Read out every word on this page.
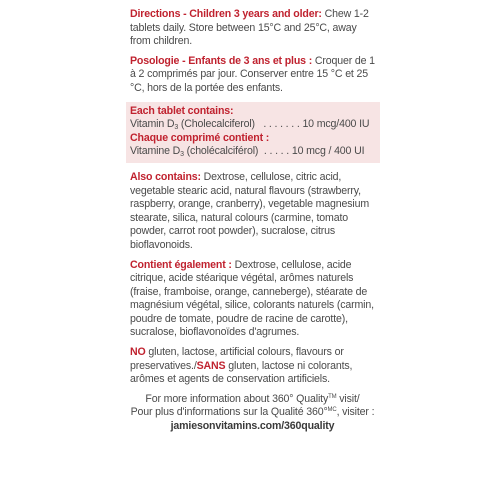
Directions - Children 3 years and older: Chew 1-2 tablets daily. Store between 15°C and 25°C, away from children.

Posologie - Enfants de 3 ans et plus : Croquer de 1 à 2 comprimés par jour. Conserver entre 15 °C et 25 °C, hors de la portée des enfants.

Each tablet contains:

Vitamin $D_3$ (Cholecalciferol) . . . . . . . 10 mcg/400 IU

Chaque comprimé contient :

Vitamine $D_3$ (cholécalciférol) . . . . . 10 mcg / 400 UI

Also contains: Dextrose, cellulose, citric acid, vegetable stearic acid, natural flavours (strawberry, raspberry, orange, cranberry), vegetable magnesium stearate, silica, natural colours (carmine, tomato powder, carrot root powder), sucralose, citrus bioflavonoids.

Contient également : Dextrose, cellulose, acide citrique, acide stéarique végétal, arômes naturels (fraise, framboise, orange, canneberge), stéarate de magnésium végétal, silice, colorants naturels (carmin, poudre de tomate, poudre de racine de carotte), sucralose, bioflavonoïdes d'agrumes.

NO gluten, lactose, artificial colours, flavours or preservatives./SANS gluten, lactose ni colorants, arômes et agents de conservation artificiels.

For more information about 360° Quality™ visit/

Pour plus d'informations sur la Qualité 360°$^{MC}$, visiter :

jamiesonvitamins.com/360quality
